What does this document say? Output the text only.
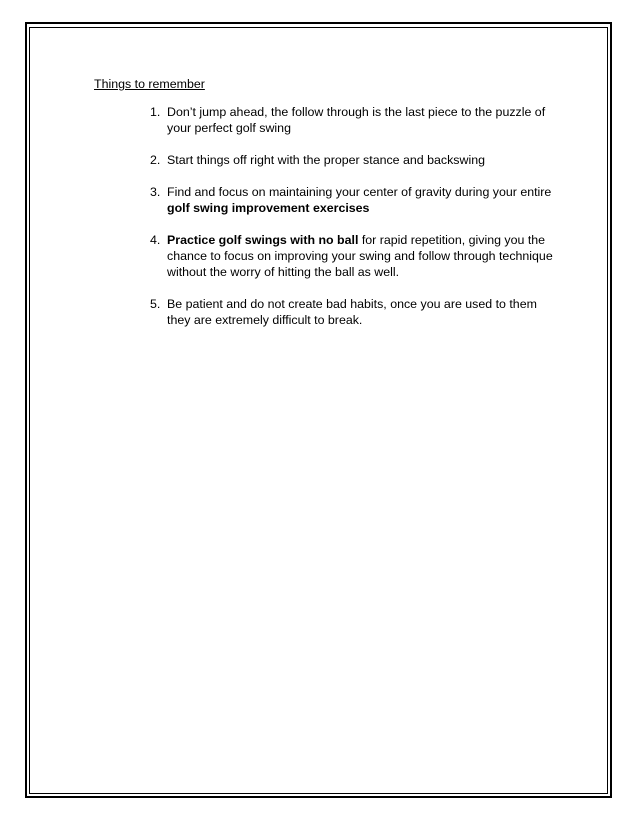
Things to remember
1. Don’t jump ahead, the follow through is the last piece to the puzzle of your perfect golf swing
2. Start things off right with the proper stance and backswing
3. Find and focus on maintaining your center of gravity during your entire golf swing improvement exercises
4. Practice golf swings with no ball for rapid repetition, giving you the chance to focus on improving your swing and follow through technique without the worry of hitting the ball as well.
5. Be patient and do not create bad habits, once you are used to them they are extremely difficult to break.
